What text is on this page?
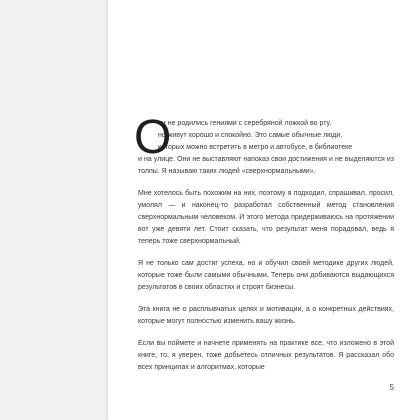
О
ни не родились гениями с серебряной ложкой во рту,
но живут хорошо и спокойно. Это самые обычные люди,
которых можно встретить в метро и автобусе, в библиотеке
и на улице. Они не выставляют напоказ свои достижения и не выделяются из толпы. Я называю таких людей «сверхнормальными».

Мне хотелось быть похожим на них, поэтому я подходил, спрашивал, просил, умолял — и наконец-то разработал собственный метод становления сверхнормальным человеком. И этого метода придерживаюсь на протяжении вот уже девяти лет. Стоит сказать, что результат меня порадовал, ведь я теперь тоже сверхнормальный.

Я не только сам достиг успеха, но и обучил своей методике других людей, которые тоже были самыми обычными. Теперь они добиваются выдающихся результатов в своих областях и строят бизнесы.

Эта книга не о расплывчатых целях и мотивации, а о конкретных действиях, которые могут полностью изменить вашу жизнь.

Если вы поймете и начнете применять на практике все, что изложено в этой книге, то, я уверен, тоже добьетесь отличных результатов. Я рассказал обо всех принципах и алгоритмах, которые

5
